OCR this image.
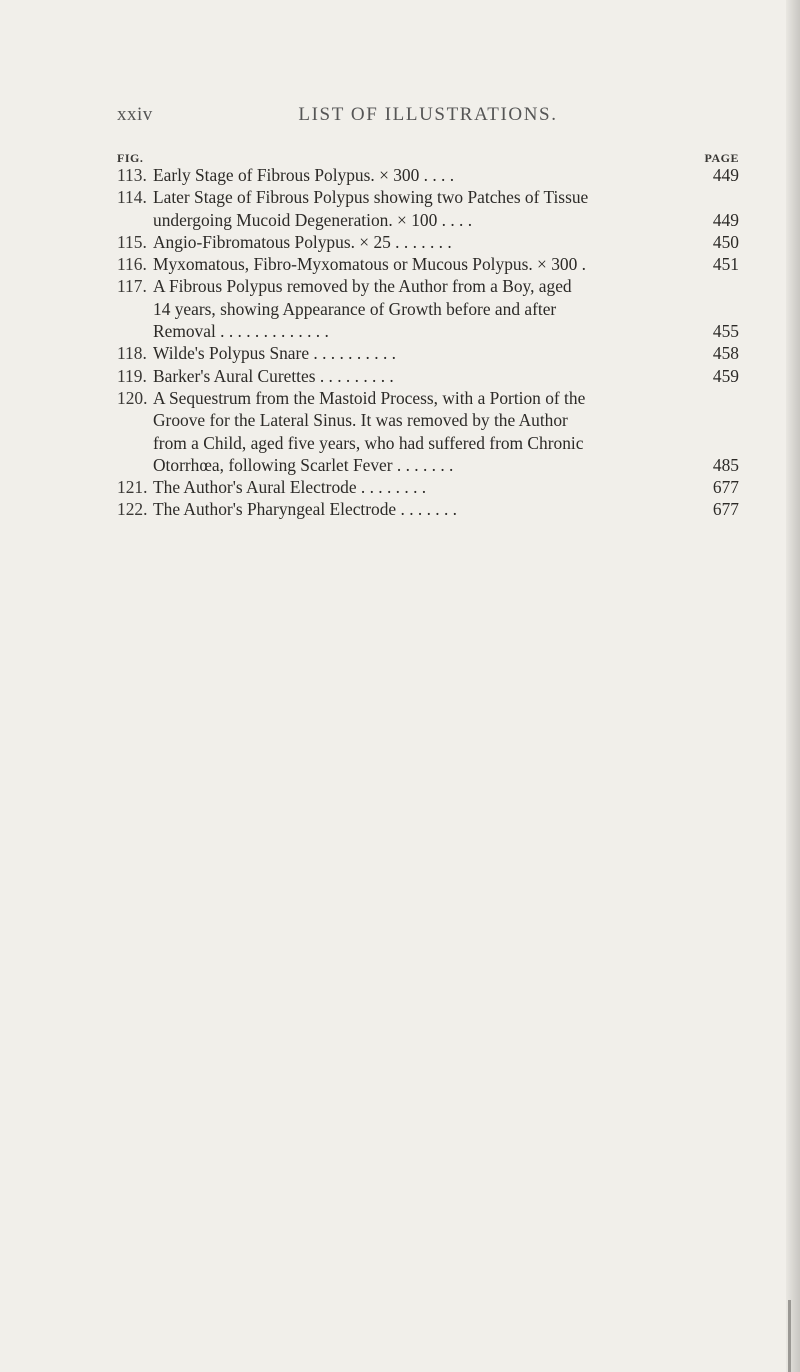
xxiv	LIST OF ILLUSTRATIONS.
FIG.	PAGE
113. Early Stage of Fibrous Polypus. × 300 . . . .	449
114. Later Stage of Fibrous Polypus showing two Patches of Tissue
undergoing Mucoid Degeneration. × 100 . . . .	449
115. Angio-Fibromatous Polypus. × 25 . . . . . . .	450
116. Myxomatous, Fibro-Myxomatous or Mucous Polypus. × 300 .	451
117. A Fibrous Polypus removed by the Author from a Boy, aged
14 years, showing Appearance of Growth before and after
Removal . . . . . . . . . . . . .	455
118. Wilde's Polypus Snare . . . . . . . . . .	458
119. Barker's Aural Curettes . . . . . . . . .	459
120. A Sequestrum from the Mastoid Process, with a Portion of the
Groove for the Lateral Sinus. It was removed by the Author
from a Child, aged five years, who had suffered from Chronic
Otorrhœa, following Scarlet Fever . . . . . . .	485
121. The Author's Aural Electrode . . . . . . . .	677
122. The Author's Pharyngeal Electrode . . . . . . .	677
